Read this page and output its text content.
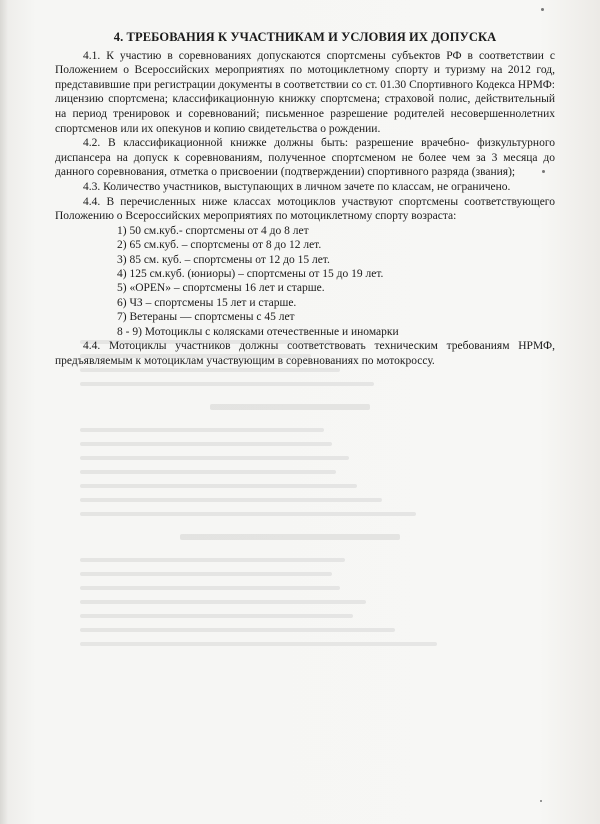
4. ТРЕБОВАНИЯ К УЧАСТНИКАМ И УСЛОВИЯ ИХ ДОПУСКА

4.1. К участию в соревнованиях допускаются спортсмены субъектов РФ в соответствии с Положением о Всероссийских мероприятиях по мотоциклетному спорту и туризму на 2012 год, представившие при регистрации документы в соответствии со ст. 01.30 Спортивного Кодекса НРМФ: лицензию спортсмена; классификационную книжку спортсмена; страховой полис, действительный на период тренировок и соревнований; письменное разрешение родителей несовершеннолетних спортсменов или их опекунов и копию свидетельства о рождении.

4.2. В классификационной книжке должны быть: разрешение врачебно- физкультурного диспансера на допуск к соревнованиям, полученное спортсменом не более чем за 3 месяца до данного соревнования, отметка о присвоении (подтверждении) спортивного разряда (звания);

4.3. Количество участников, выступающих в личном зачете по классам, не ограничено.

4.4. В перечисленных ниже классах мотоциклов участвуют спортсмены соответствующего Положению о Всероссийских мероприятиях по мотоциклетному спорту возраста:

1) 50 см.куб.- спортсмены от 4 до 8 лет
2) 65 см.куб. – спортсмены от 8 до 12 лет.
3) 85 см. куб. – спортсмены от 12 до 15 лет.
4) 125 см.куб. (юниоры) – спортсмены от 15 до 19 лет.
5) «OPEN» – спортсмены 16 лет и старше.
6) ЧЗ – спортсмены 15 лет и старше.
7) Ветераны — спортсмены с 45 лет
8 - 9) Мотоциклы с колясками отечественные и иномарки

4.4. Мотоциклы участников должны соответствовать техническим требованиям НРМФ, предъявляемым к мотоциклам участвующим в соревнованиях по мотокроссу.
